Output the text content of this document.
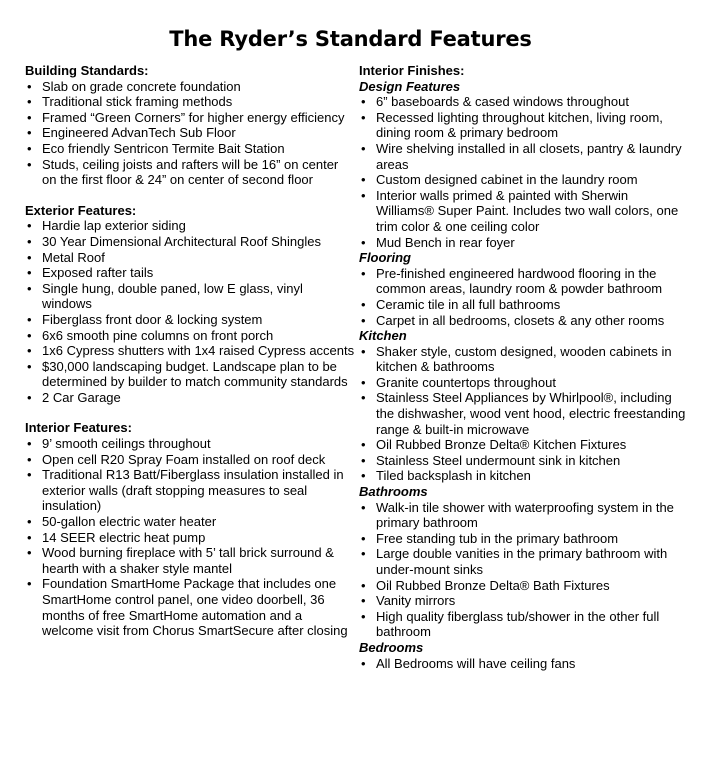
The Ryder’s Standard Features
Building Standards:
• Slab on grade concrete foundation
• Traditional stick framing methods
• Framed “Green Corners” for higher energy efficiency
• Engineered AdvanTech Sub Floor
• Eco friendly Sentricon Termite Bait Station
• Studs, ceiling joists and rafters will be 16” on center on the first floor & 24” on center of second floor
Exterior Features:
• Hardie lap exterior siding
• 30 Year Dimensional Architectural Roof Shingles
• Metal Roof
• Exposed rafter tails
• Single hung, double paned, low E glass, vinyl windows
• Fiberglass front door & locking system
• 6x6 smooth pine columns on front porch
• 1x6 Cypress shutters with 1x4 raised Cypress accents
• $30,000 landscaping budget. Landscape plan to be determined by builder to match community standards
• 2 Car Garage
Interior Features:
• 9’ smooth ceilings throughout
• Open cell R20 Spray Foam installed on roof deck
• Traditional R13 Batt/Fiberglass insulation installed in exterior walls (draft stopping measures to seal insulation)
• 50-gallon electric water heater
• 14 SEER electric heat pump
• Wood burning fireplace with 5’ tall brick surround & hearth with a shaker style mantel
• Foundation SmartHome Package that includes one SmartHome control panel, one video doorbell, 36 months of free SmartHome automation and a welcome visit from Chorus SmartSecure after closing
Interior Finishes:
Design Features
• 6” baseboards & cased windows throughout
• Recessed lighting throughout kitchen, living room, dining room & primary bedroom
• Wire shelving installed in all closets, pantry & laundry areas
• Custom designed cabinet in the laundry room
• Interior walls primed & painted with Sherwin Williams® Super Paint. Includes two wall colors, one trim color & one ceiling color
• Mud Bench in rear foyer
Flooring
• Pre-finished engineered hardwood flooring in the common areas, laundry room & powder bathroom
• Ceramic tile in all full bathrooms
• Carpet in all bedrooms, closets & any other rooms
Kitchen
• Shaker style, custom designed, wooden cabinets in kitchen & bathrooms
• Granite countertops throughout
• Stainless Steel Appliances by Whirlpool®, including the dishwasher, wood vent hood, electric freestanding range & built-in microwave
• Oil Rubbed Bronze Delta® Kitchen Fixtures
• Stainless Steel undermount sink in kitchen
• Tiled backsplash in kitchen
Bathrooms
• Walk-in tile shower with waterproofing system in the primary bathroom
• Free standing tub in the primary bathroom
• Large double vanities in the primary bathroom with under-mount sinks
• Oil Rubbed Bronze Delta® Bath Fixtures
• Vanity mirrors
• High quality fiberglass tub/shower in the other full bathroom
Bedrooms
• All Bedrooms will have ceiling fans
